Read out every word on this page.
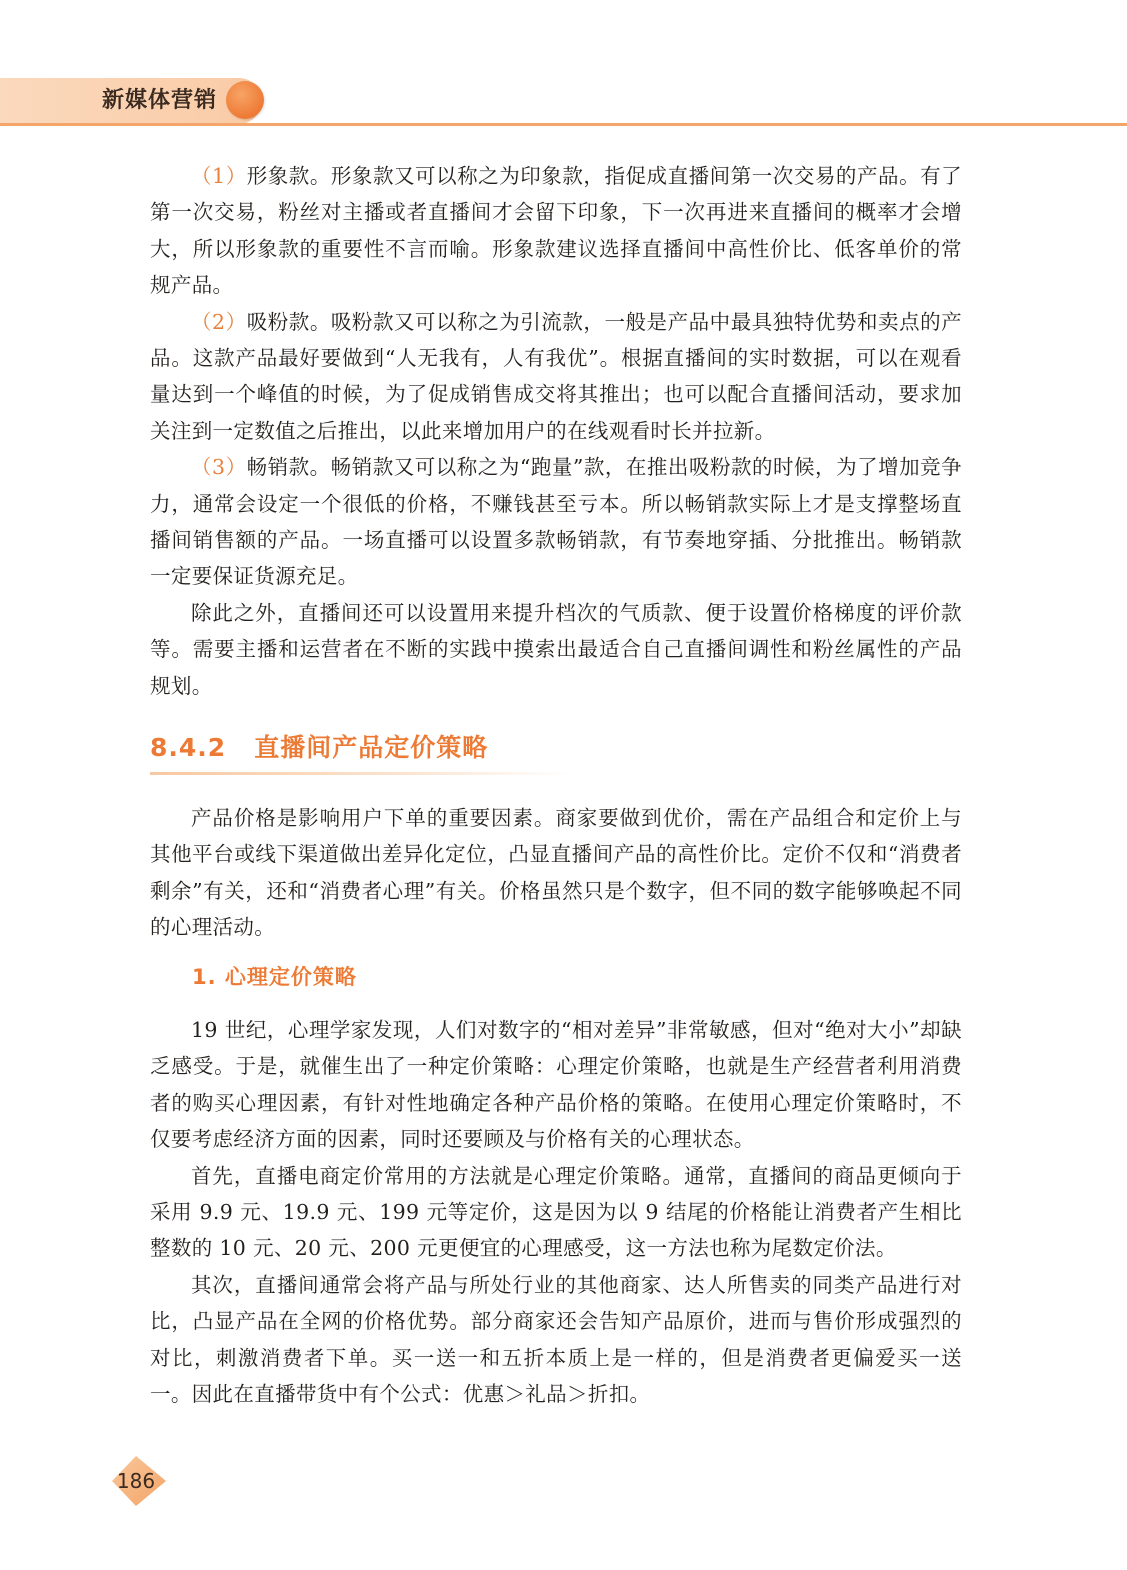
新媒体营销

（1）形象款。形象款又可以称之为印象款，指促成直播间第一次交易的产品。有了第一次交易，粉丝对主播或者直播间才会留下印象，下一次再进来直播间的概率才会增大，所以形象款的重要性不言而喻。形象款建议选择直播间中高性价比、低客单价的常规产品。

（2）吸粉款。吸粉款又可以称之为引流款，一般是产品中最具独特优势和卖点的产品。这款产品最好要做到“人无我有，人有我优”。根据直播间的实时数据，可以在观看量达到一个峰值的时候，为了促成销售成交将其推出；也可以配合直播间活动，要求加关注到一定数值之后推出，以此来增加用户的在线观看时长并拉新。

（3）畅销款。畅销款又可以称之为“跑量”款，在推出吸粉款的时候，为了增加竞争力，通常会设定一个很低的价格，不赚钱甚至亏本。所以畅销款实际上才是支撑整场直播间销售额的产品。一场直播可以设置多款畅销款，有节奏地穿插、分批推出。畅销款一定要保证货源充足。

除此之外，直播间还可以设置用来提升档次的气质款、便于设置价格梯度的评价款等。需要主播和运营者在不断的实践中摸索出最适合自己直播间调性和粉丝属性的产品规划。

8.4.2 直播间产品定价策略

产品价格是影响用户下单的重要因素。商家要做到优价，需在产品组合和定价上与其他平台或线下渠道做出差异化定位，凸显直播间产品的高性价比。定价不仅和“消费者剩余”有关，还和“消费者心理”有关。价格虽然只是个数字，但不同的数字能够唤起不同的心理活动。

1. 心理定价策略

19 世纪，心理学家发现，人们对数字的“相对差异”非常敏感，但对“绝对大小”却缺乏感受。于是，就催生出了一种定价策略：心理定价策略，也就是生产经营者利用消费者的购买心理因素，有针对性地确定各种产品价格的策略。在使用心理定价策略时，不仅要考虑经济方面的因素，同时还要顾及与价格有关的心理状态。

首先，直播电商定价常用的方法就是心理定价策略。通常，直播间的商品更倾向于采用 9.9 元、19.9 元、199 元等定价，这是因为以 9 结尾的价格能让消费者产生相比整数的 10 元、20 元、200 元更便宜的心理感受，这一方法也称为尾数定价法。

其次，直播间通常会将产品与所处行业的其他商家、达人所售卖的同类产品进行对比，凸显产品在全网的价格优势。部分商家还会告知产品原价，进而与售价形成强烈的对比，刺激消费者下单。买一送一和五折本质上是一样的，但是消费者更偏爱买一送一。因此在直播带货中有个公式：优惠＞礼品＞折扣。

186
